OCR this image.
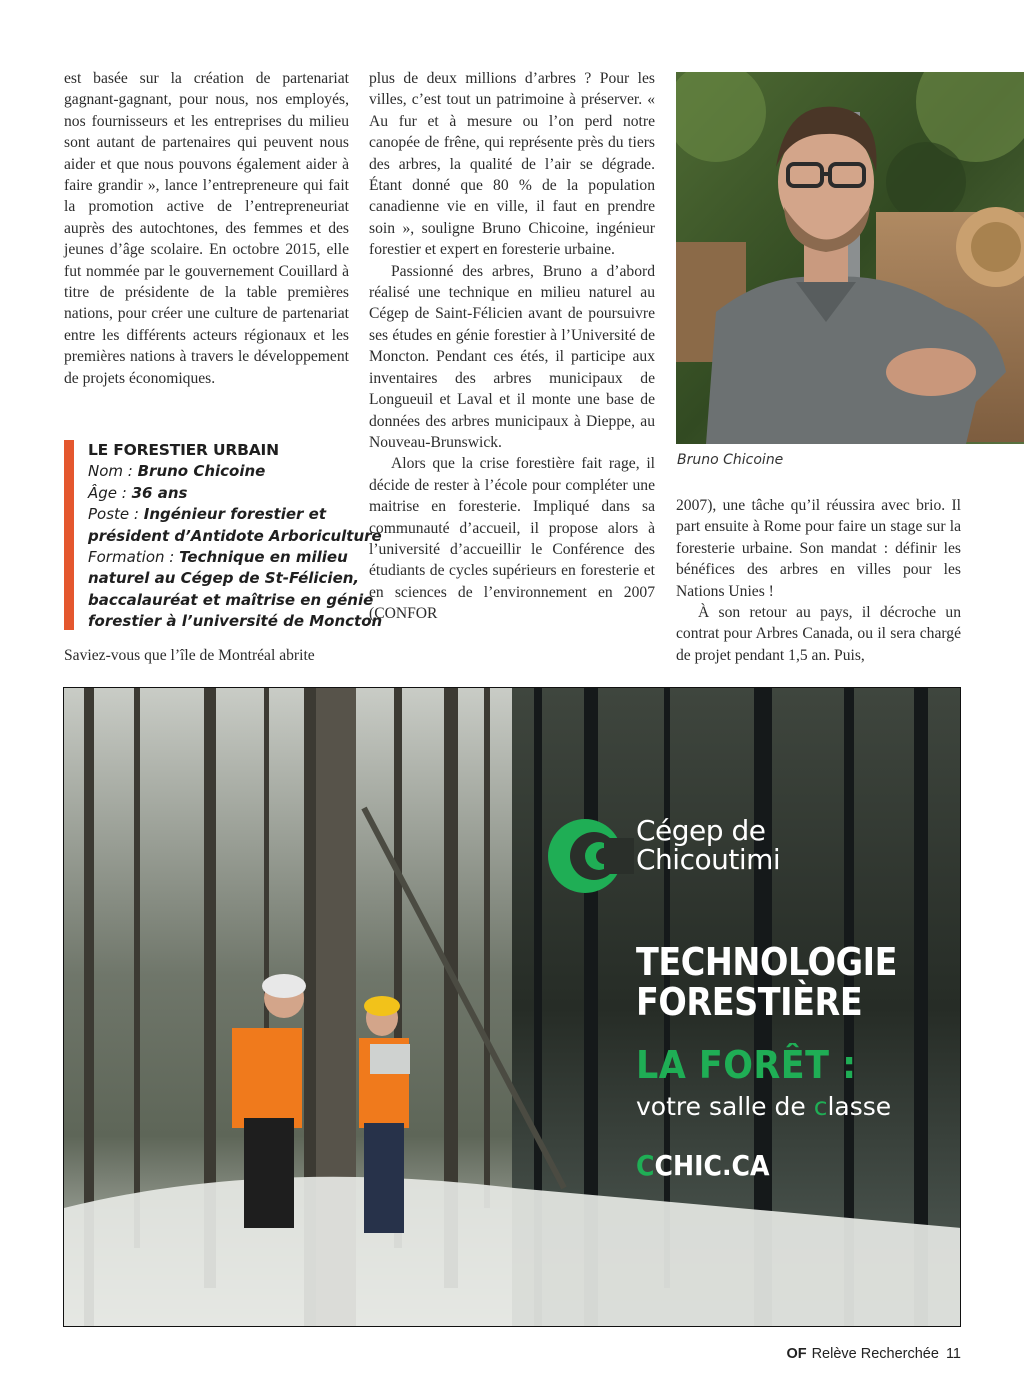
est basée sur la création de partenariat gagnant-gagnant, pour nous, nos employés, nos fournisseurs et les entreprises du milieu sont autant de partenaires qui peuvent nous aider et que nous pouvons également aider à faire grandir », lance l’entrepreneure qui fait la promotion active de l’entrepreneuriat auprès des autochtones, des femmes et des jeunes d’âge scolaire. En octobre 2015, elle fut nommée par le gouvernement Couillard à titre de présidente de la table premières nations, pour créer une culture de partenariat entre les différents acteurs régionaux et les premières nations à travers le développement de projets économiques.

LE FORESTIER URBAIN
Nom : Bruno Chicoine
Âge : 36 ans
Poste : Ingénieur forestier et
président d’Antidote Arboriculture
Formation : Technique en milieu
naturel au Cégep de St-Félicien,
baccalauréat et maîtrise en génie
forestier à l’université de Moncton

Saviez-vous que l’île de Montréal abrite

plus de deux millions d’arbres ? Pour les villes, c’est tout un patrimoine à préserver. « Au fur et à mesure ou l’on perd notre canopée de frêne, qui représente près du tiers des arbres, la qualité de l’air se dégrade. Étant donné que 80 % de la population canadienne vie en ville, il faut en prendre soin », souligne Bruno Chicoine, ingénieur forestier et expert en foresterie urbaine.

Passionné des arbres, Bruno a d’abord réalisé une technique en milieu naturel au Cégep de Saint-Félicien avant de poursuivre ses études en génie forestier à l’Université de Moncton. Pendant ces étés, il participe aux inventaires des arbres municipaux de Longueuil et Laval et il monte une base de données des arbres municipaux à Dieppe, au Nouveau-Brunswick.

Alors que la crise forestière fait rage, il décide de rester à l’école pour compléter une maitrise en foresterie. Impliqué dans sa communauté d’accueil, il propose alors à l’université d’accueillir le Conférence des étudiants de cycles supérieurs en foresterie et en sciences de l’environnement en 2007 (CONFOR

Bruno Chicoine

2007), une tâche qu’il réussira avec brio. Il part ensuite à Rome pour faire un stage sur la foresterie urbaine. Son mandat : définir les bénéfices des arbres en villes pour les Nations Unies !

À son retour au pays, il décroche un contrat pour Arbres Canada, ou il sera chargé de projet pendant 1,5 an. Puis,

Cégep de
Chicoutimi
TECHNOLOGIE
FORESTIÈRE
LA FORÊT :
votre salle de classe
CCHIC.CA
OF Relève Recherchée 11
